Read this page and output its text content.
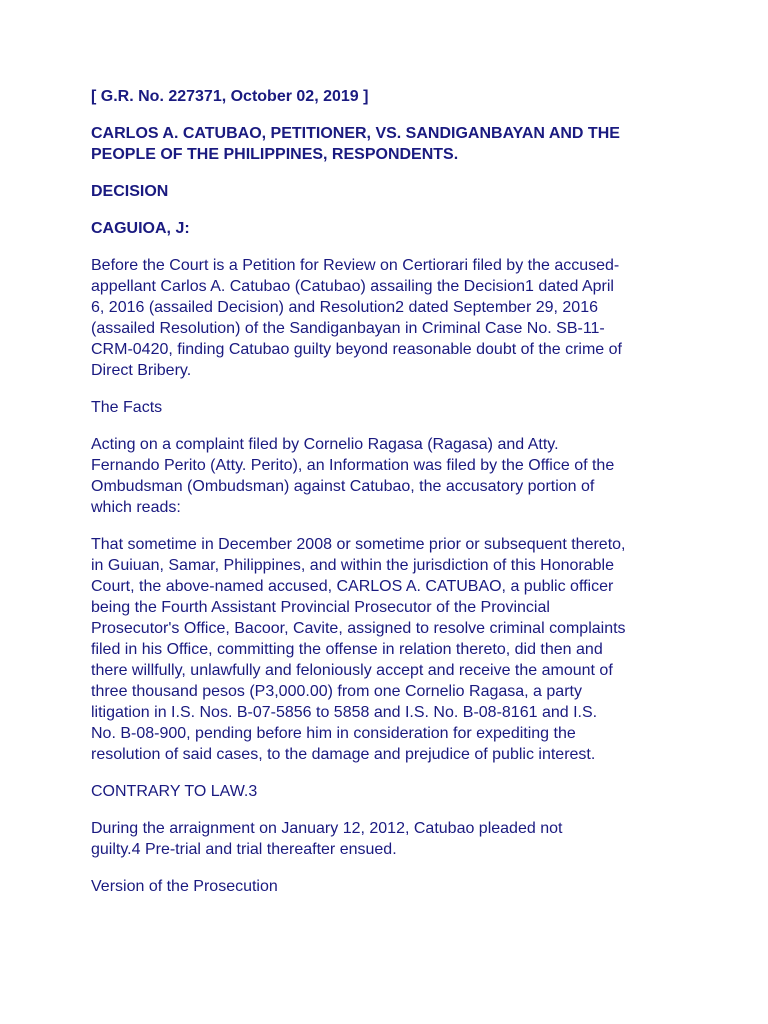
[ G.R. No. 227371, October 02, 2019 ]

CARLOS A. CATUBAO, PETITIONER, VS. SANDIGANBAYAN AND THE
PEOPLE OF THE PHILIPPINES, RESPONDENTS.

DECISION

CAGUIOA, J:

Before the Court is a Petition for Review on Certiorari filed by the accused-
appellant Carlos A. Catubao (Catubao) assailing the Decision1 dated April
6, 2016 (assailed Decision) and Resolution2 dated September 29, 2016
(assailed Resolution) of the Sandiganbayan in Criminal Case No. SB-11-
CRM-0420, finding Catubao guilty beyond reasonable doubt of the crime of
Direct Bribery.

The Facts

Acting on a complaint filed by Cornelio Ragasa (Ragasa) and Atty.
Fernando Perito (Atty. Perito), an Information was filed by the Office of the
Ombudsman (Ombudsman) against Catubao, the accusatory portion of
which reads:

That sometime in December 2008 or sometime prior or subsequent thereto,
in Guiuan, Samar, Philippines, and within the jurisdiction of this Honorable
Court, the above-named accused, CARLOS A. CATUBAO, a public officer
being the Fourth Assistant Provincial Prosecutor of the Provincial
Prosecutor's Office, Bacoor, Cavite, assigned to resolve criminal complaints
filed in his Office, committing the offense in relation thereto, did then and
there willfully, unlawfully and feloniously accept and receive the amount of
three thousand pesos (P3,000.00) from one Cornelio Ragasa, a party
litigation in I.S. Nos. B-07-5856 to 5858 and I.S. No. B-08-8161 and I.S.
No. B-08-900, pending before him in consideration for expediting the
resolution of said cases, to the damage and prejudice of public interest.

CONTRARY TO LAW.3

During the arraignment on January 12, 2012, Catubao pleaded not
guilty.4 Pre-trial and trial thereafter ensued.

Version of the Prosecution
